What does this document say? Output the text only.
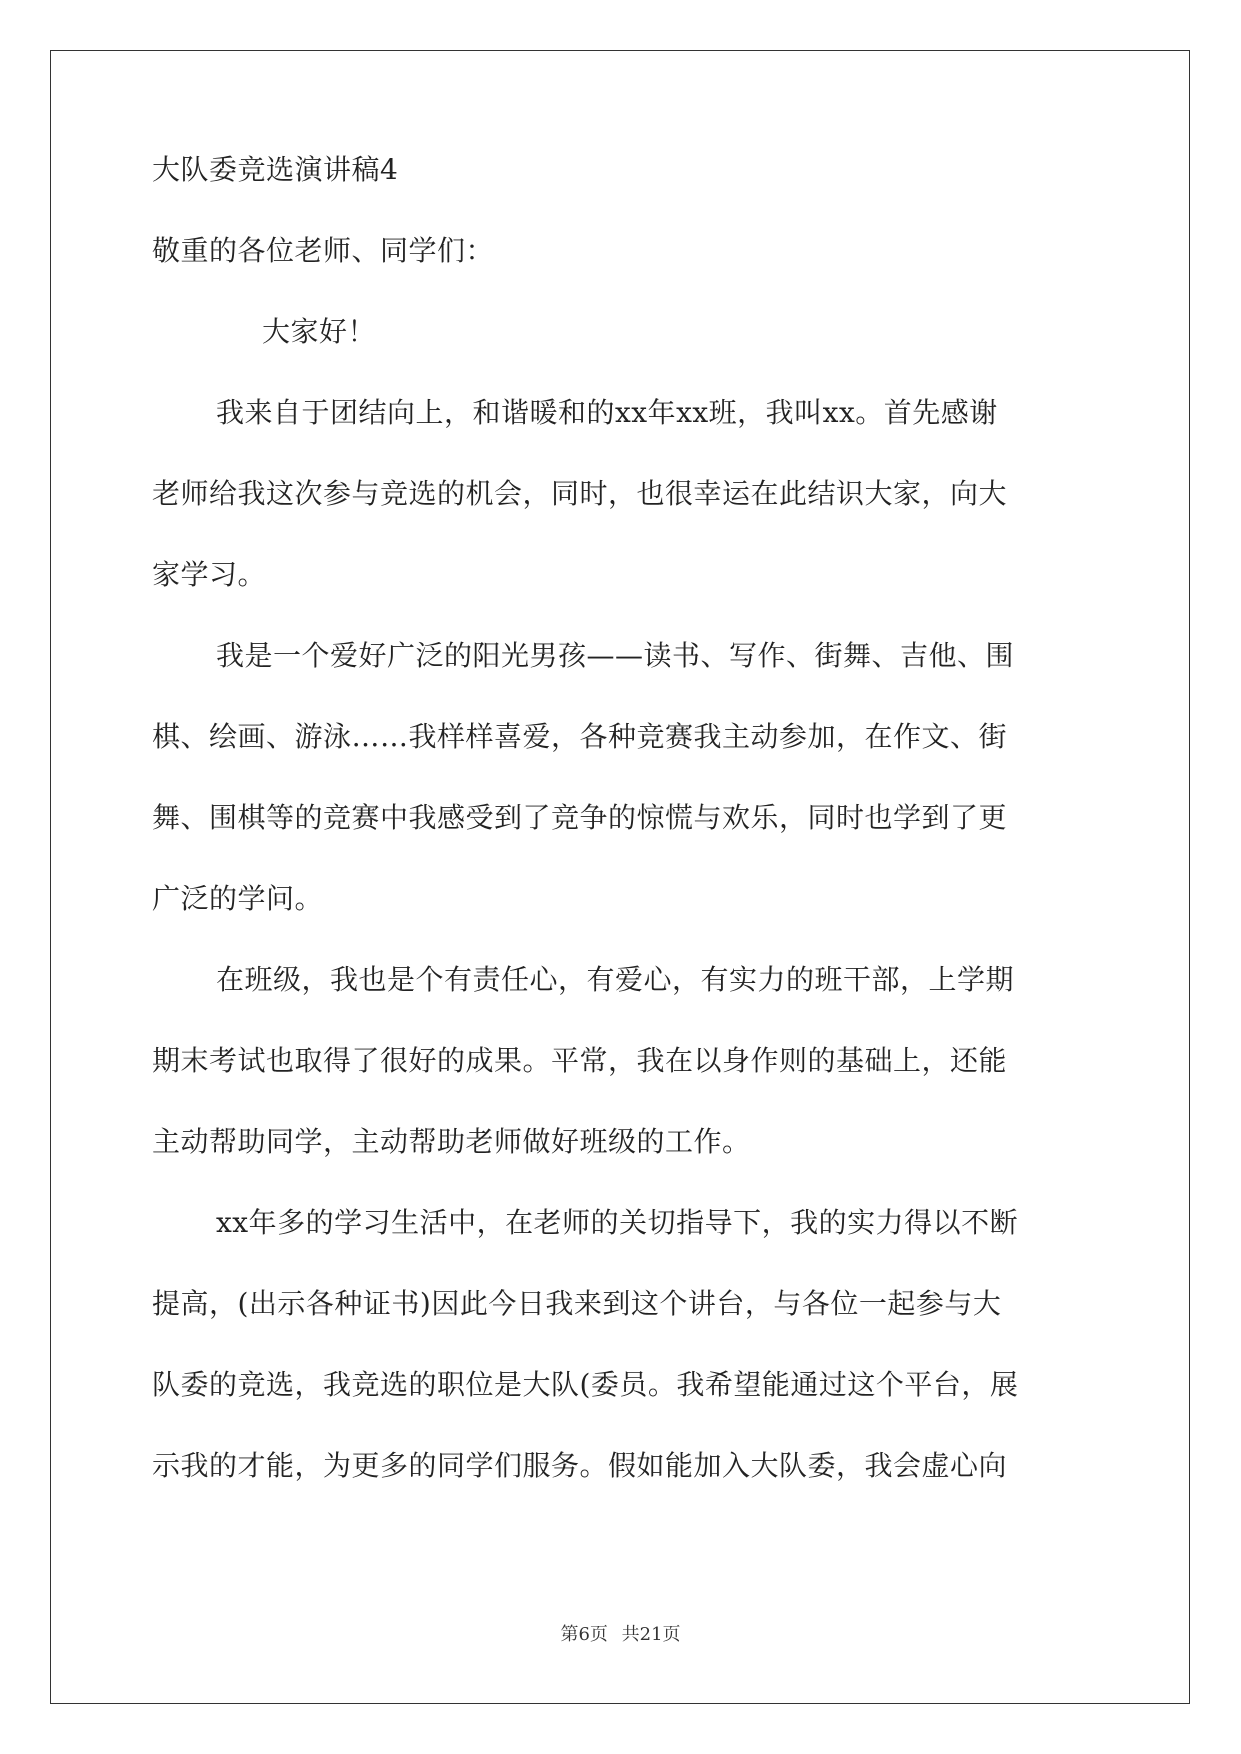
大队委竞选演讲稿4
敬重的各位老师、同学们：
大家好！
我来自于团结向上，和谐暖和的xx年xx班，我叫xx。首先感谢
老师给我这次参与竞选的机会，同时，也很幸运在此结识大家，向大
家学习。
我是一个爱好广泛的阳光男孩——读书、写作、街舞、吉他、围
棋、绘画、游泳……我样样喜爱，各种竞赛我主动参加，在作文、街
舞、围棋等的竞赛中我感受到了竞争的惊慌与欢乐，同时也学到了更
广泛的学问。
在班级，我也是个有责任心，有爱心，有实力的班干部，上学期
期末考试也取得了很好的成果。平常，我在以身作则的基础上，还能
主动帮助同学，主动帮助老师做好班级的工作。
xx年多的学习生活中，在老师的关切指导下，我的实力得以不断
提高，(出示各种证书)因此今日我来到这个讲台，与各位一起参与大
队委的竞选，我竞选的职位是大队(委员。我希望能通过这个平台，展
示我的才能，为更多的同学们服务。假如能加入大队委，我会虚心向
第6页 共21页
